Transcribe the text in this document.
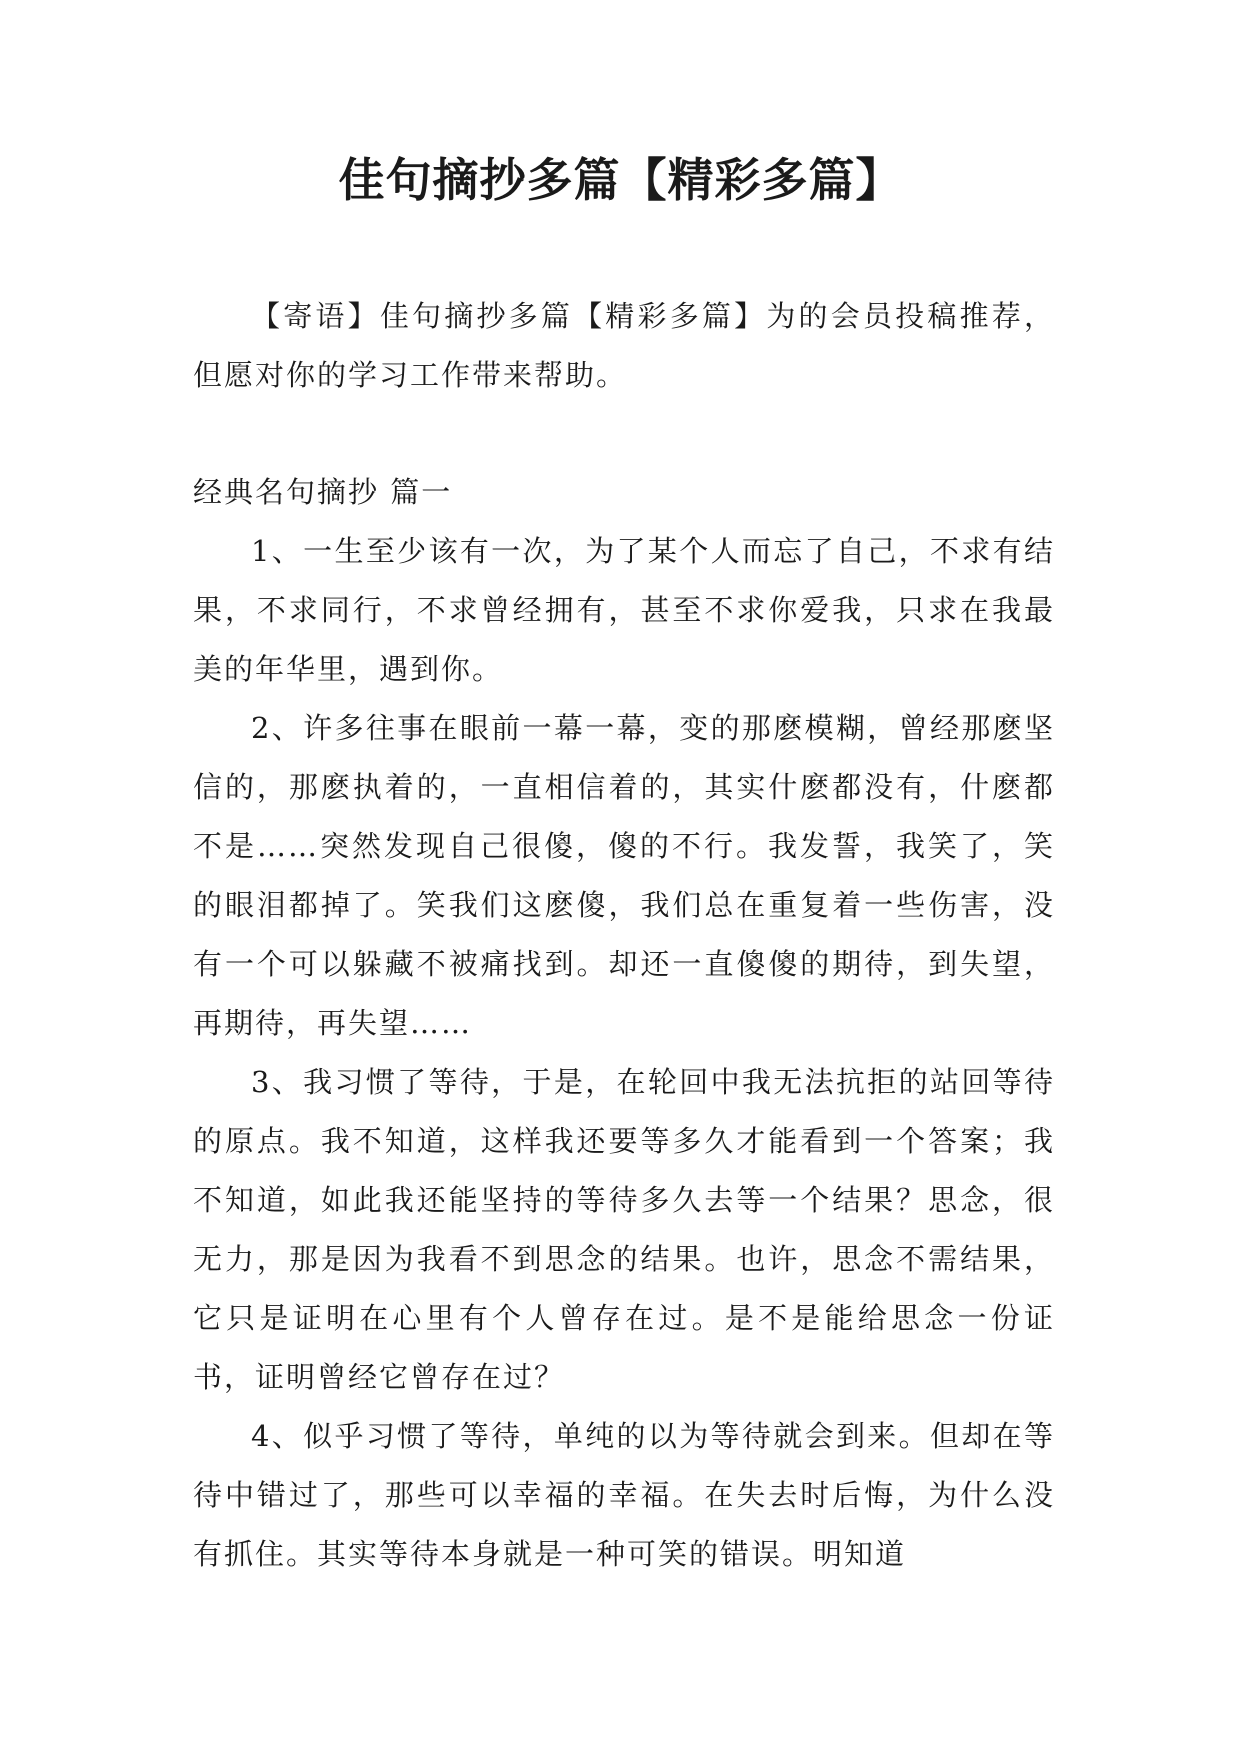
佳句摘抄多篇【精彩多篇】

【寄语】佳句摘抄多篇【精彩多篇】为的会员投稿推荐，但愿对你的学习工作带来帮助。

经典名句摘抄 篇一

1、一生至少该有一次，为了某个人而忘了自己，不求有结果，不求同行，不求曾经拥有，甚至不求你爱我，只求在我最美的年华里，遇到你。

2、许多往事在眼前一幕一幕，变的那麽模糊，曾经那麽坚信的，那麽执着的，一直相信着的，其实什麽都没有，什麽都不是……突然发现自己很傻，傻的不行。我发誓，我笑了，笑的眼泪都掉了。笑我们这麽傻，我们总在重复着一些伤害，没有一个可以躲藏不被痛找到。却还一直傻傻的期待，到失望，再期待，再失望……

3、我习惯了等待，于是，在轮回中我无法抗拒的站回等待的原点。我不知道，这样我还要等多久才能看到一个答案；我不知道，如此我还能坚持的等待多久去等一个结果？思念，很无力，那是因为我看不到思念的结果。也许，思念不需结果，它只是证明在心里有个人曾存在过。是不是能给思念一份证书，证明曾经它曾存在过？

4、似乎习惯了等待，单纯的以为等待就会到来。但却在等待中错过了，那些可以幸福的幸福。在失去时后悔，为什么没有抓住。其实等待本身就是一种可笑的错误。明知道
